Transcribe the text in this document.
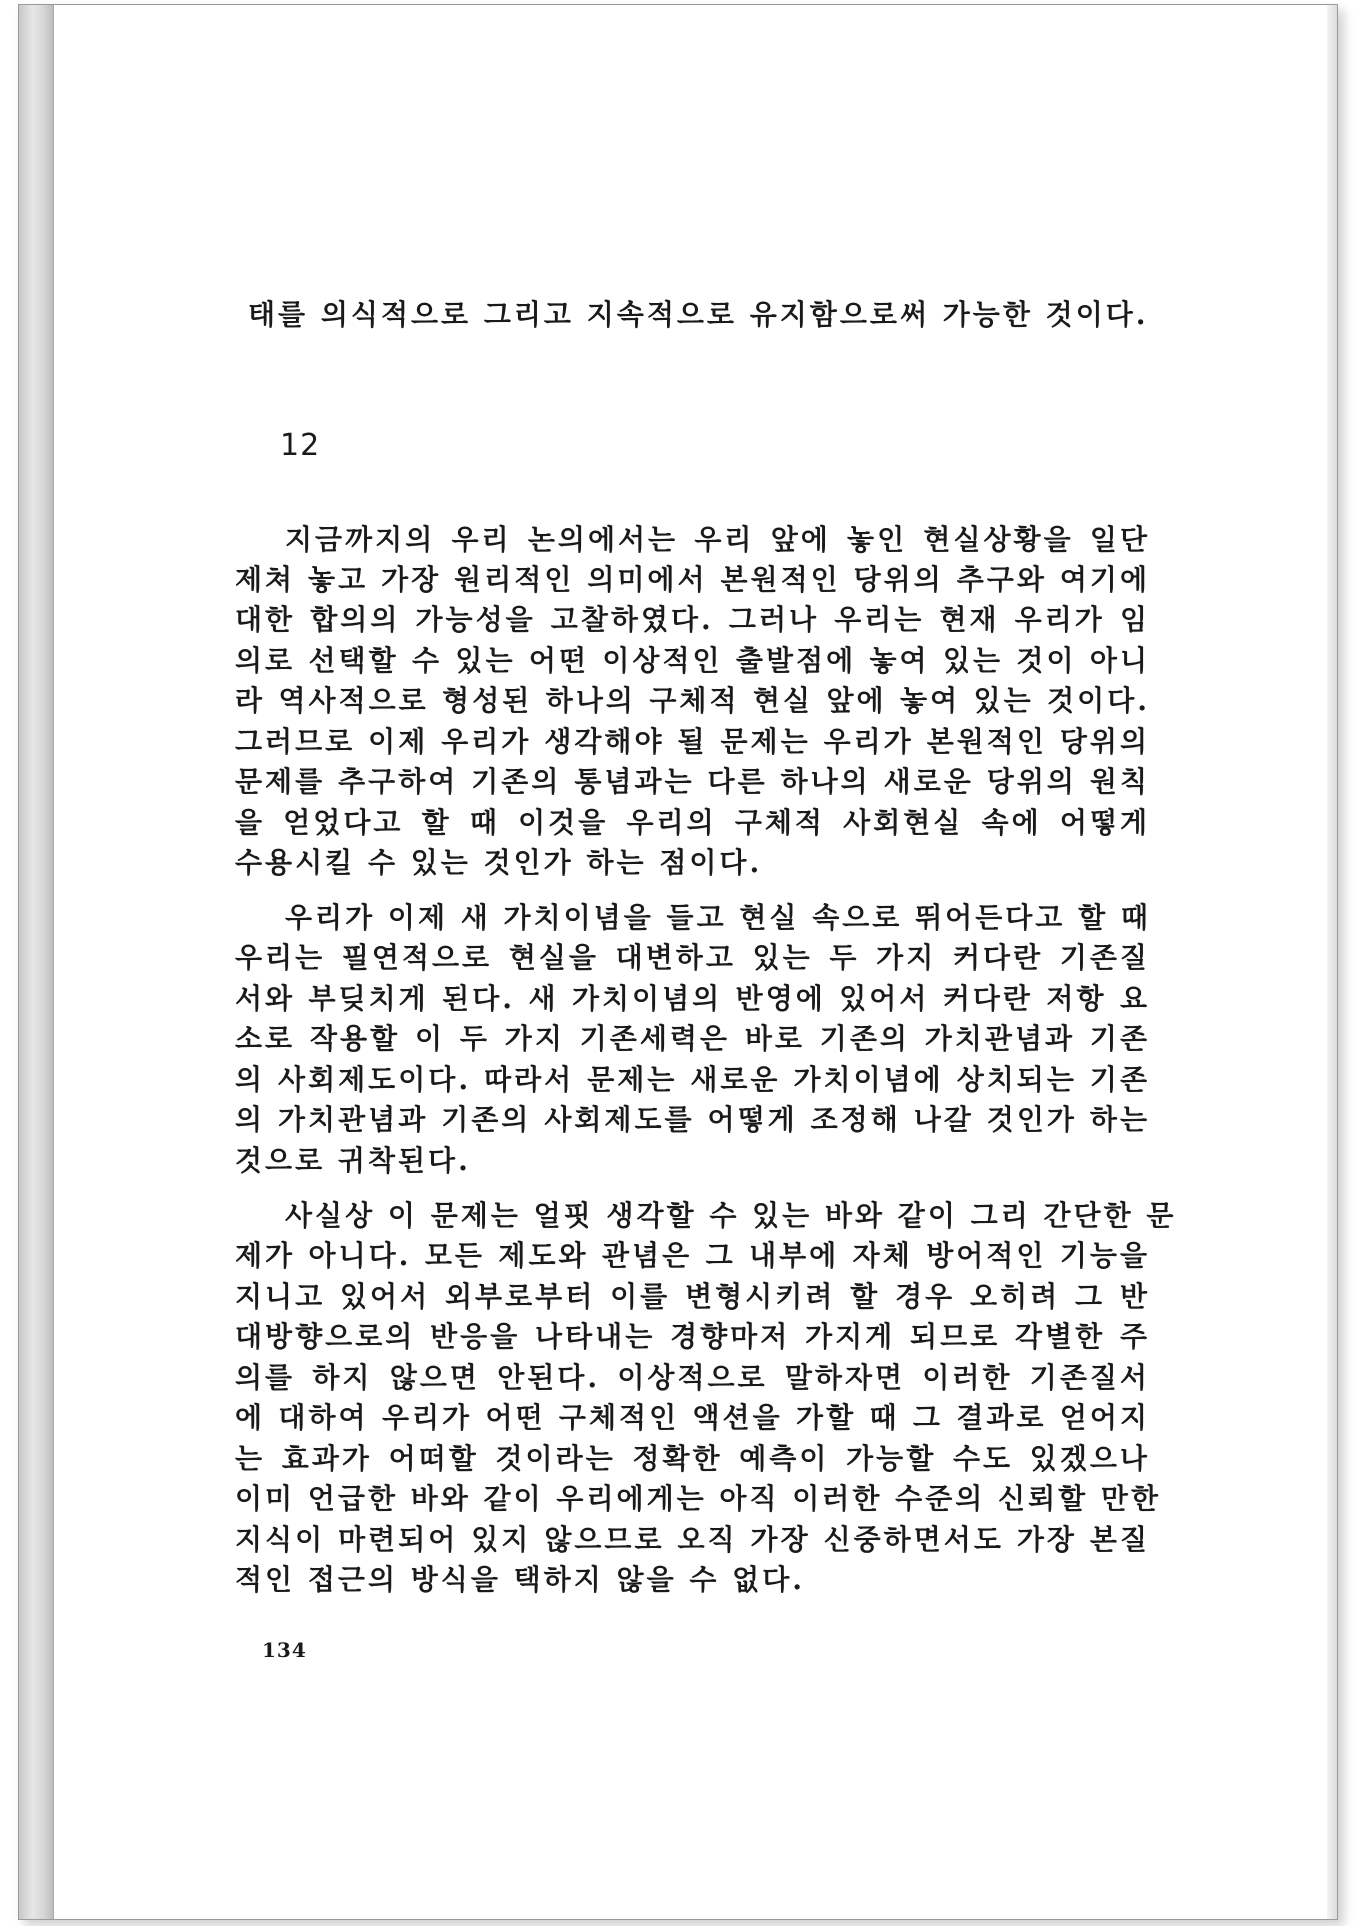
태를 의식적으로 그리고 지속적으로 유지함으로써 가능한 것이다.
12
지금까지의 우리 논의에서는 우리 앞에 놓인 현실상황을 일단
제쳐 놓고 가장 원리적인 의미에서 본원적인 당위의 추구와 여기에
대한 합의의 가능성을 고찰하였다. 그러나 우리는 현재 우리가 임
의로 선택할 수 있는 어떤 이상적인 출발점에 놓여 있는 것이 아니
라 역사적으로 형성된 하나의 구체적 현실 앞에 놓여 있는 것이다.
그러므로 이제 우리가 생각해야 될 문제는 우리가 본원적인 당위의
문제를 추구하여 기존의 통념과는 다른 하나의 새로운 당위의 원칙
을 얻었다고 할 때 이것을 우리의 구체적 사회현실 속에 어떻게
수용시킬 수 있는 것인가 하는 점이다.
우리가 이제 새 가치이념을 들고 현실 속으로 뛰어든다고 할 때
우리는 필연적으로 현실을 대변하고 있는 두 가지 커다란 기존질
서와 부딪치게 된다. 새 가치이념의 반영에 있어서 커다란 저항 요
소로 작용할 이 두 가지 기존세력은 바로 기존의 가치관념과 기존
의 사회제도이다. 따라서 문제는 새로운 가치이념에 상치되는 기존
의 가치관념과 기존의 사회제도를 어떻게 조정해 나갈 것인가 하는
것으로 귀착된다.
사실상 이 문제는 얼핏 생각할 수 있는 바와 같이 그리 간단한 문
제가 아니다. 모든 제도와 관념은 그 내부에 자체 방어적인 기능을
지니고 있어서 외부로부터 이를 변형시키려 할 경우 오히려 그 반
대방향으로의 반응을 나타내는 경향마저 가지게 되므로 각별한 주
의를 하지 않으면 안된다. 이상적으로 말하자면 이러한 기존질서
에 대하여 우리가 어떤 구체적인 액션을 가할 때 그 결과로 얻어지
는 효과가 어떠할 것이라는 정확한 예측이 가능할 수도 있겠으나
이미 언급한 바와 같이 우리에게는 아직 이러한 수준의 신뢰할 만한
지식이 마련되어 있지 않으므로 오직 가장 신중하면서도 가장 본질
적인 접근의 방식을 택하지 않을 수 없다.
134
